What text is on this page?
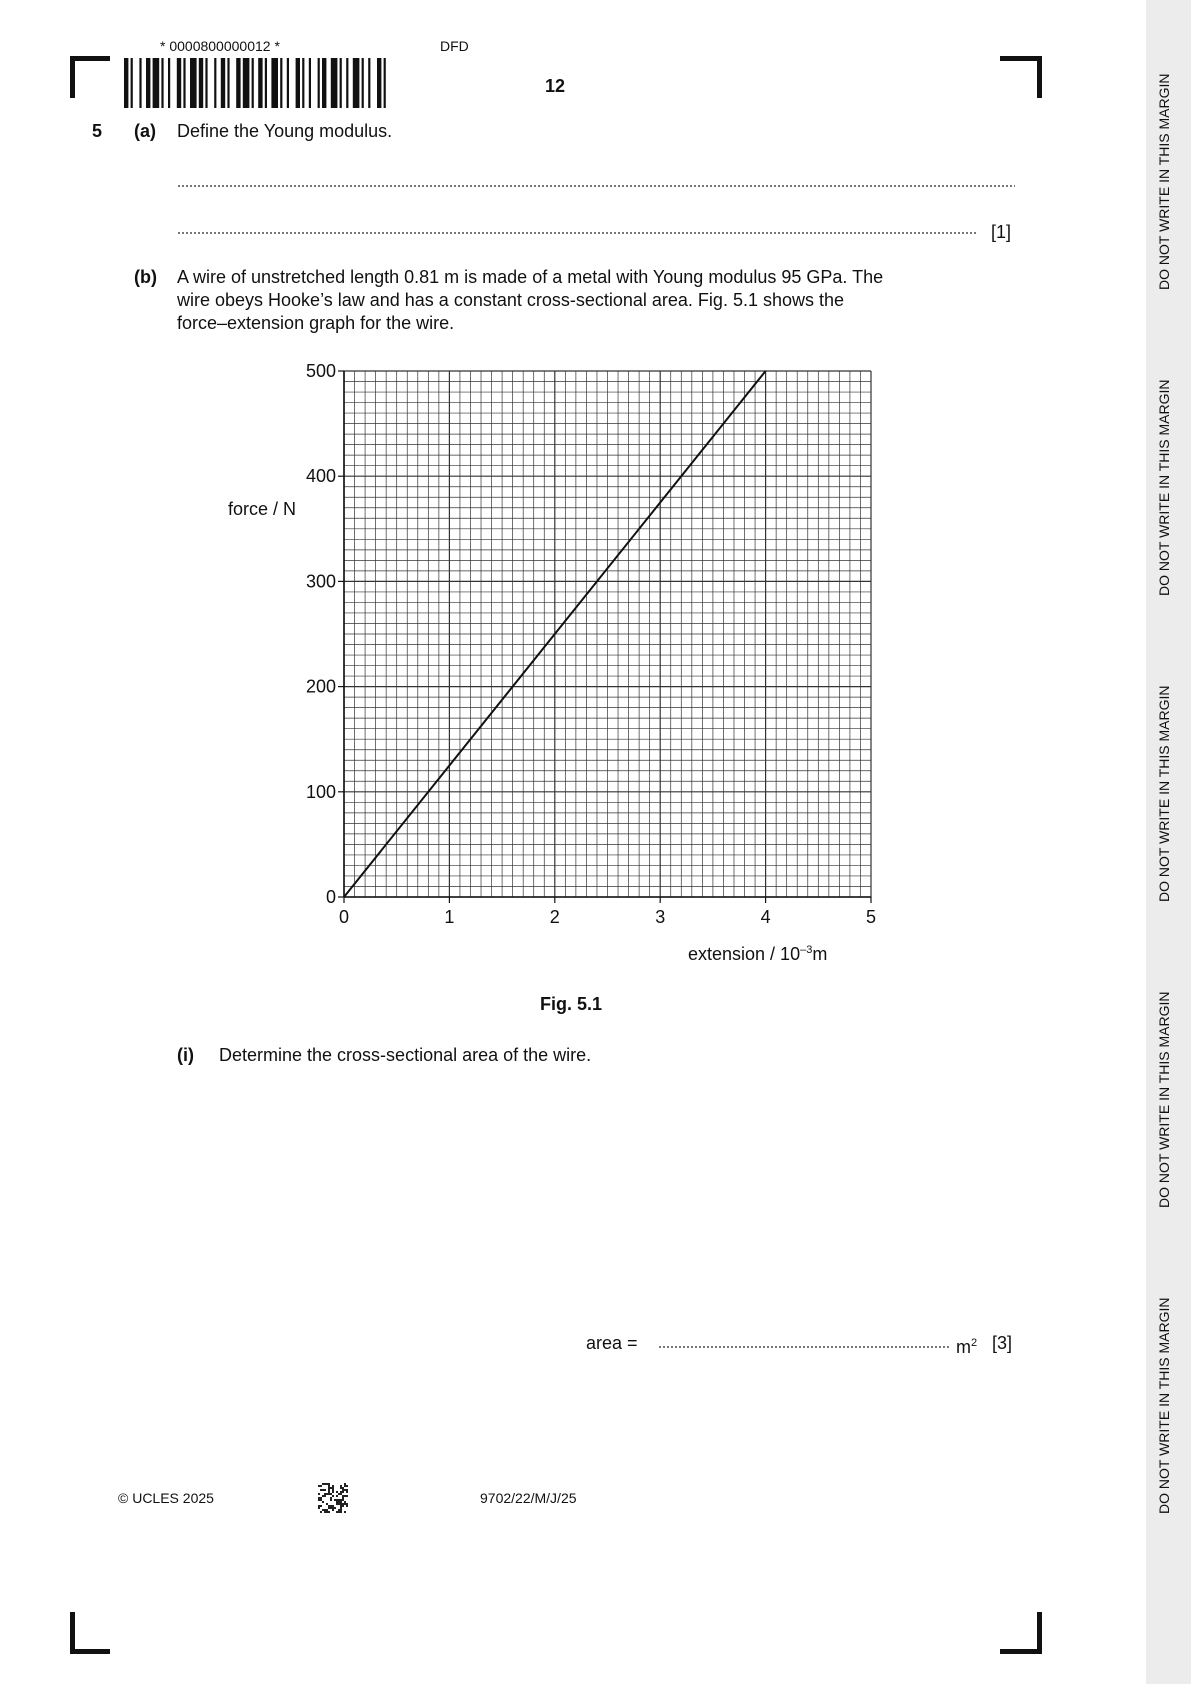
DO NOT WRITE IN THIS MARGIN
DO NOT WRITE IN THIS MARGIN
DO NOT WRITE IN THIS MARGIN
DO NOT WRITE IN THIS MARGIN
DO NOT WRITE IN THIS MARGIN
* 0000800000012 *	DFD
12
5 (a) Define the Young modulus.
[1]
(b) A wire of unstretched length 0.81 m is made of a metal with Young modulus 95 GPa. The
wire obeys Hooke’s law and has a constant cross-sectional area. Fig. 5.1 shows the
force–extension graph for the wire.
0	1	2	3	4	5
0
100
200
300
400
500
force / N
extension / $10^{-3}m$
Fig. 5.1
(i) Determine the cross-sectional area of the wire.
area =	$m^2$ [3]
© UCLES 2025	9702/22/M/J/25
